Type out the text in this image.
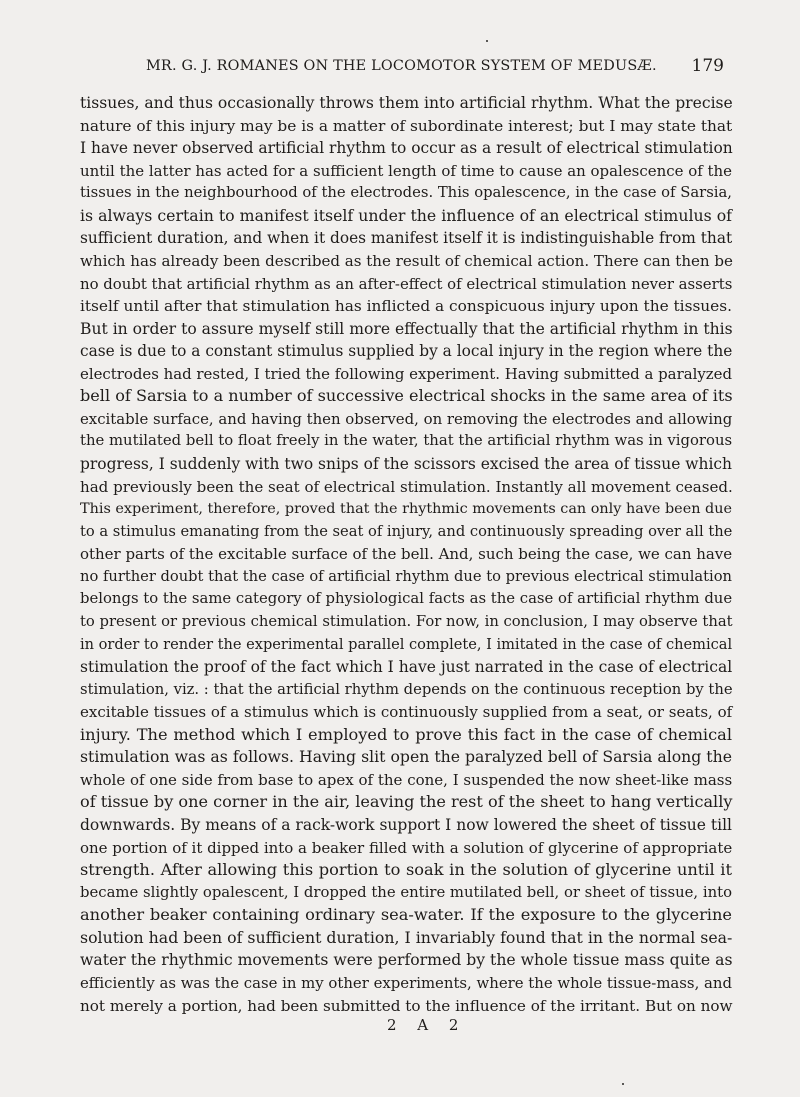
MR. G. J. ROMANES ON THE LOCOMOTOR SYSTEM OF MEDUSÆ. 179
tissues, and thus occasionally throws them into artificial rhythm. What the precise
nature of this injury may be is a matter of subordinate interest; but I may state that
I have never observed artificial rhythm to occur as a result of electrical stimulation
until the latter has acted for a sufficient length of time to cause an opalescence of the
tissues in the neighbourhood of the electrodes. This opalescence, in the case of Sarsia,
is always certain to manifest itself under the influence of an electrical stimulus of
sufficient duration, and when it does manifest itself it is indistinguishable from that
which has already been described as the result of chemical action. There can then be
no doubt that artificial rhythm as an after-effect of electrical stimulation never asserts
itself until after that stimulation has inflicted a conspicuous injury upon the tissues.
But in order to assure myself still more effectually that the artificial rhythm in this
case is due to a constant stimulus supplied by a local injury in the region where the
electrodes had rested, I tried the following experiment. Having submitted a paralyzed
bell of Sarsia to a number of successive electrical shocks in the same area of its
excitable surface, and having then observed, on removing the electrodes and allowing
the mutilated bell to float freely in the water, that the artificial rhythm was in vigorous
progress, I suddenly with two snips of the scissors excised the area of tissue which
had previously been the seat of electrical stimulation. Instantly all movement ceased.
This experiment, therefore, proved that the rhythmic movements can only have been due
to a stimulus emanating from the seat of injury, and continuously spreading over all the
other parts of the excitable surface of the bell. And, such being the case, we can have
no further doubt that the case of artificial rhythm due to previous electrical stimulation
belongs to the same category of physiological facts as the case of artificial rhythm due
to present or previous chemical stimulation. For now, in conclusion, I may observe that
in order to render the experimental parallel complete, I imitated in the case of chemical
stimulation the proof of the fact which I have just narrated in the case of electrical
stimulation, viz. : that the artificial rhythm depends on the continuous reception by the
excitable tissues of a stimulus which is continuously supplied from a seat, or seats, of
injury. The method which I employed to prove this fact in the case of chemical
stimulation was as follows. Having slit open the paralyzed bell of Sarsia along the
whole of one side from base to apex of the cone, I suspended the now sheet-like mass
of tissue by one corner in the air, leaving the rest of the sheet to hang vertically
downwards. By means of a rack-work support I now lowered the sheet of tissue till
one portion of it dipped into a beaker filled with a solution of glycerine of appropriate
strength. After allowing this portion to soak in the solution of glycerine until it
became slightly opalescent, I dropped the entire mutilated bell, or sheet of tissue, into
another beaker containing ordinary sea-water. If the exposure to the glycerine
solution had been of sufficient duration, I invariably found that in the normal sea-
water the rhythmic movements were performed by the whole tissue mass quite as
efficiently as was the case in my other experiments, where the whole tissue-mass, and
not merely a portion, had been submitted to the influence of the irritant. But on now
2 A 2
